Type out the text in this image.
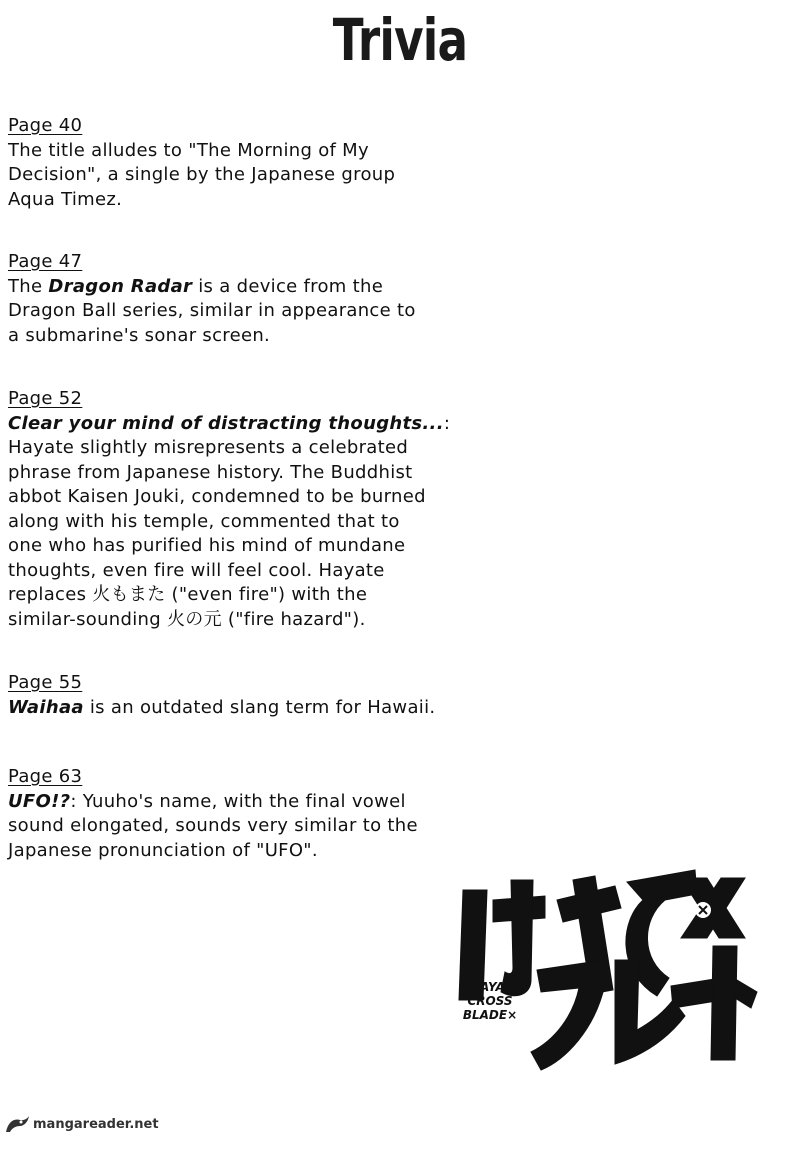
Trivia
Page 40
The title alludes to "The Morning of My
Decision", a single by the Japanese group
Aqua Timez.
Page 47
The Dragon Radar is a device from the
Dragon Ball series, similar in appearance to
a submarine's sonar screen.
Page 52
Clear your mind of distracting thoughts...:
Hayate slightly misrepresents a celebrated
phrase from Japanese history. The Buddhist
abbot Kaisen Jouki, condemned to be burned
along with his temple, commented that to
one who has purified his mind of mundane
thoughts, even fire will feel cool. Hayate
replaces 火もまた ("even fire") with the
similar-sounding 火の元 ("fire hazard").
Page 55
Waihaa is an outdated slang term for Hawaii.
Page 63
UFO!?: Yuuho's name, with the final vowel
sound elongated, sounds very similar to the
Japanese pronunciation of "UFO".
×HAYATE
CROSS
BLADE×
mangareader.net
